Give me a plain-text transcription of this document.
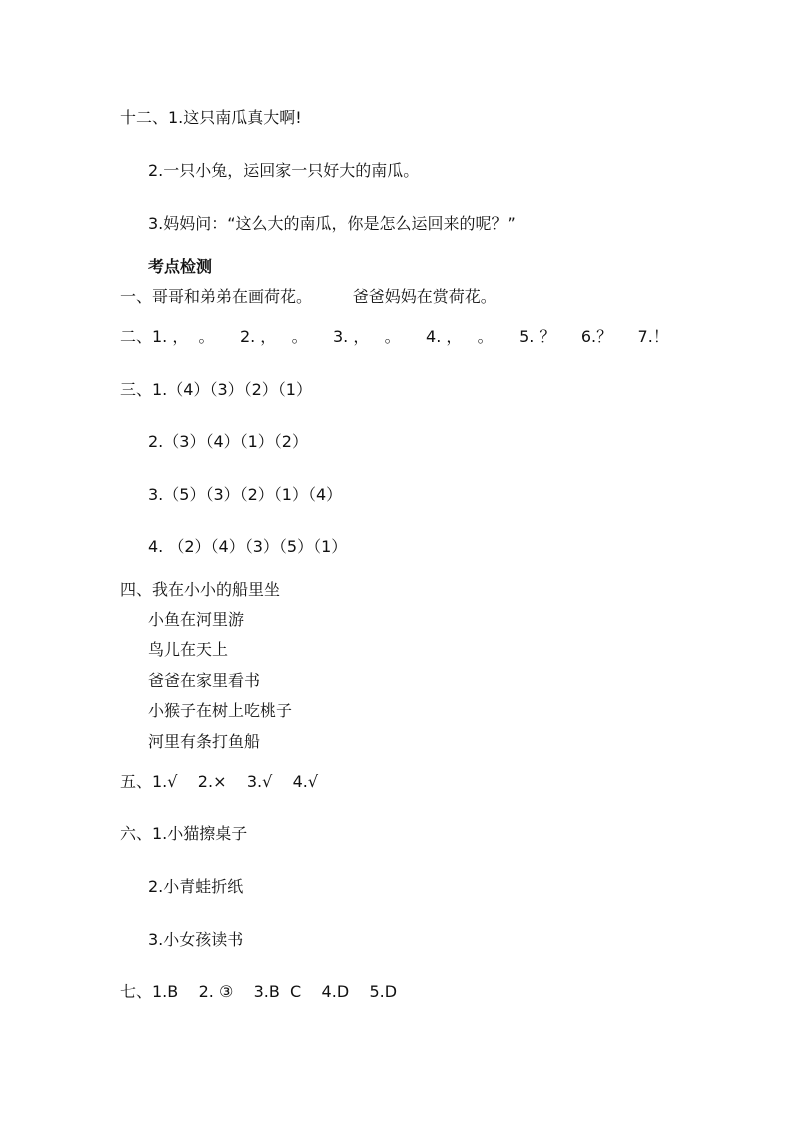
十二、1.这只南瓜真大啊!
2.一只小兔，运回家一只好大的南瓜。
3.妈妈问：“这么大的南瓜，你是怎么运回来的呢？”
考点检测
一、哥哥和弟弟在画荷花。        爸爸妈妈在赏荷花。
二、1. ，  。     2. ，   。     3. ，   。     4. ，   。     5. ？     6.？     7.！
三、1.（4）（3）（2）（1）
2.（3）（4）（1）（2）
3.（5）（3）（2）（1）（4）
4. （2）（4）（3）（5）（1）
四、我在小小的船里坐
小鱼在河里游
鸟儿在天上
爸爸在家里看书
小猴子在树上吃桃子
河里有条打鱼船
五、1.√    2.×    3.√    4.√
六、1.小猫擦桌子
2.小青蛙折纸
3.小女孩读书
七、1.B    2. ③    3.B  C    4.D    5.D
